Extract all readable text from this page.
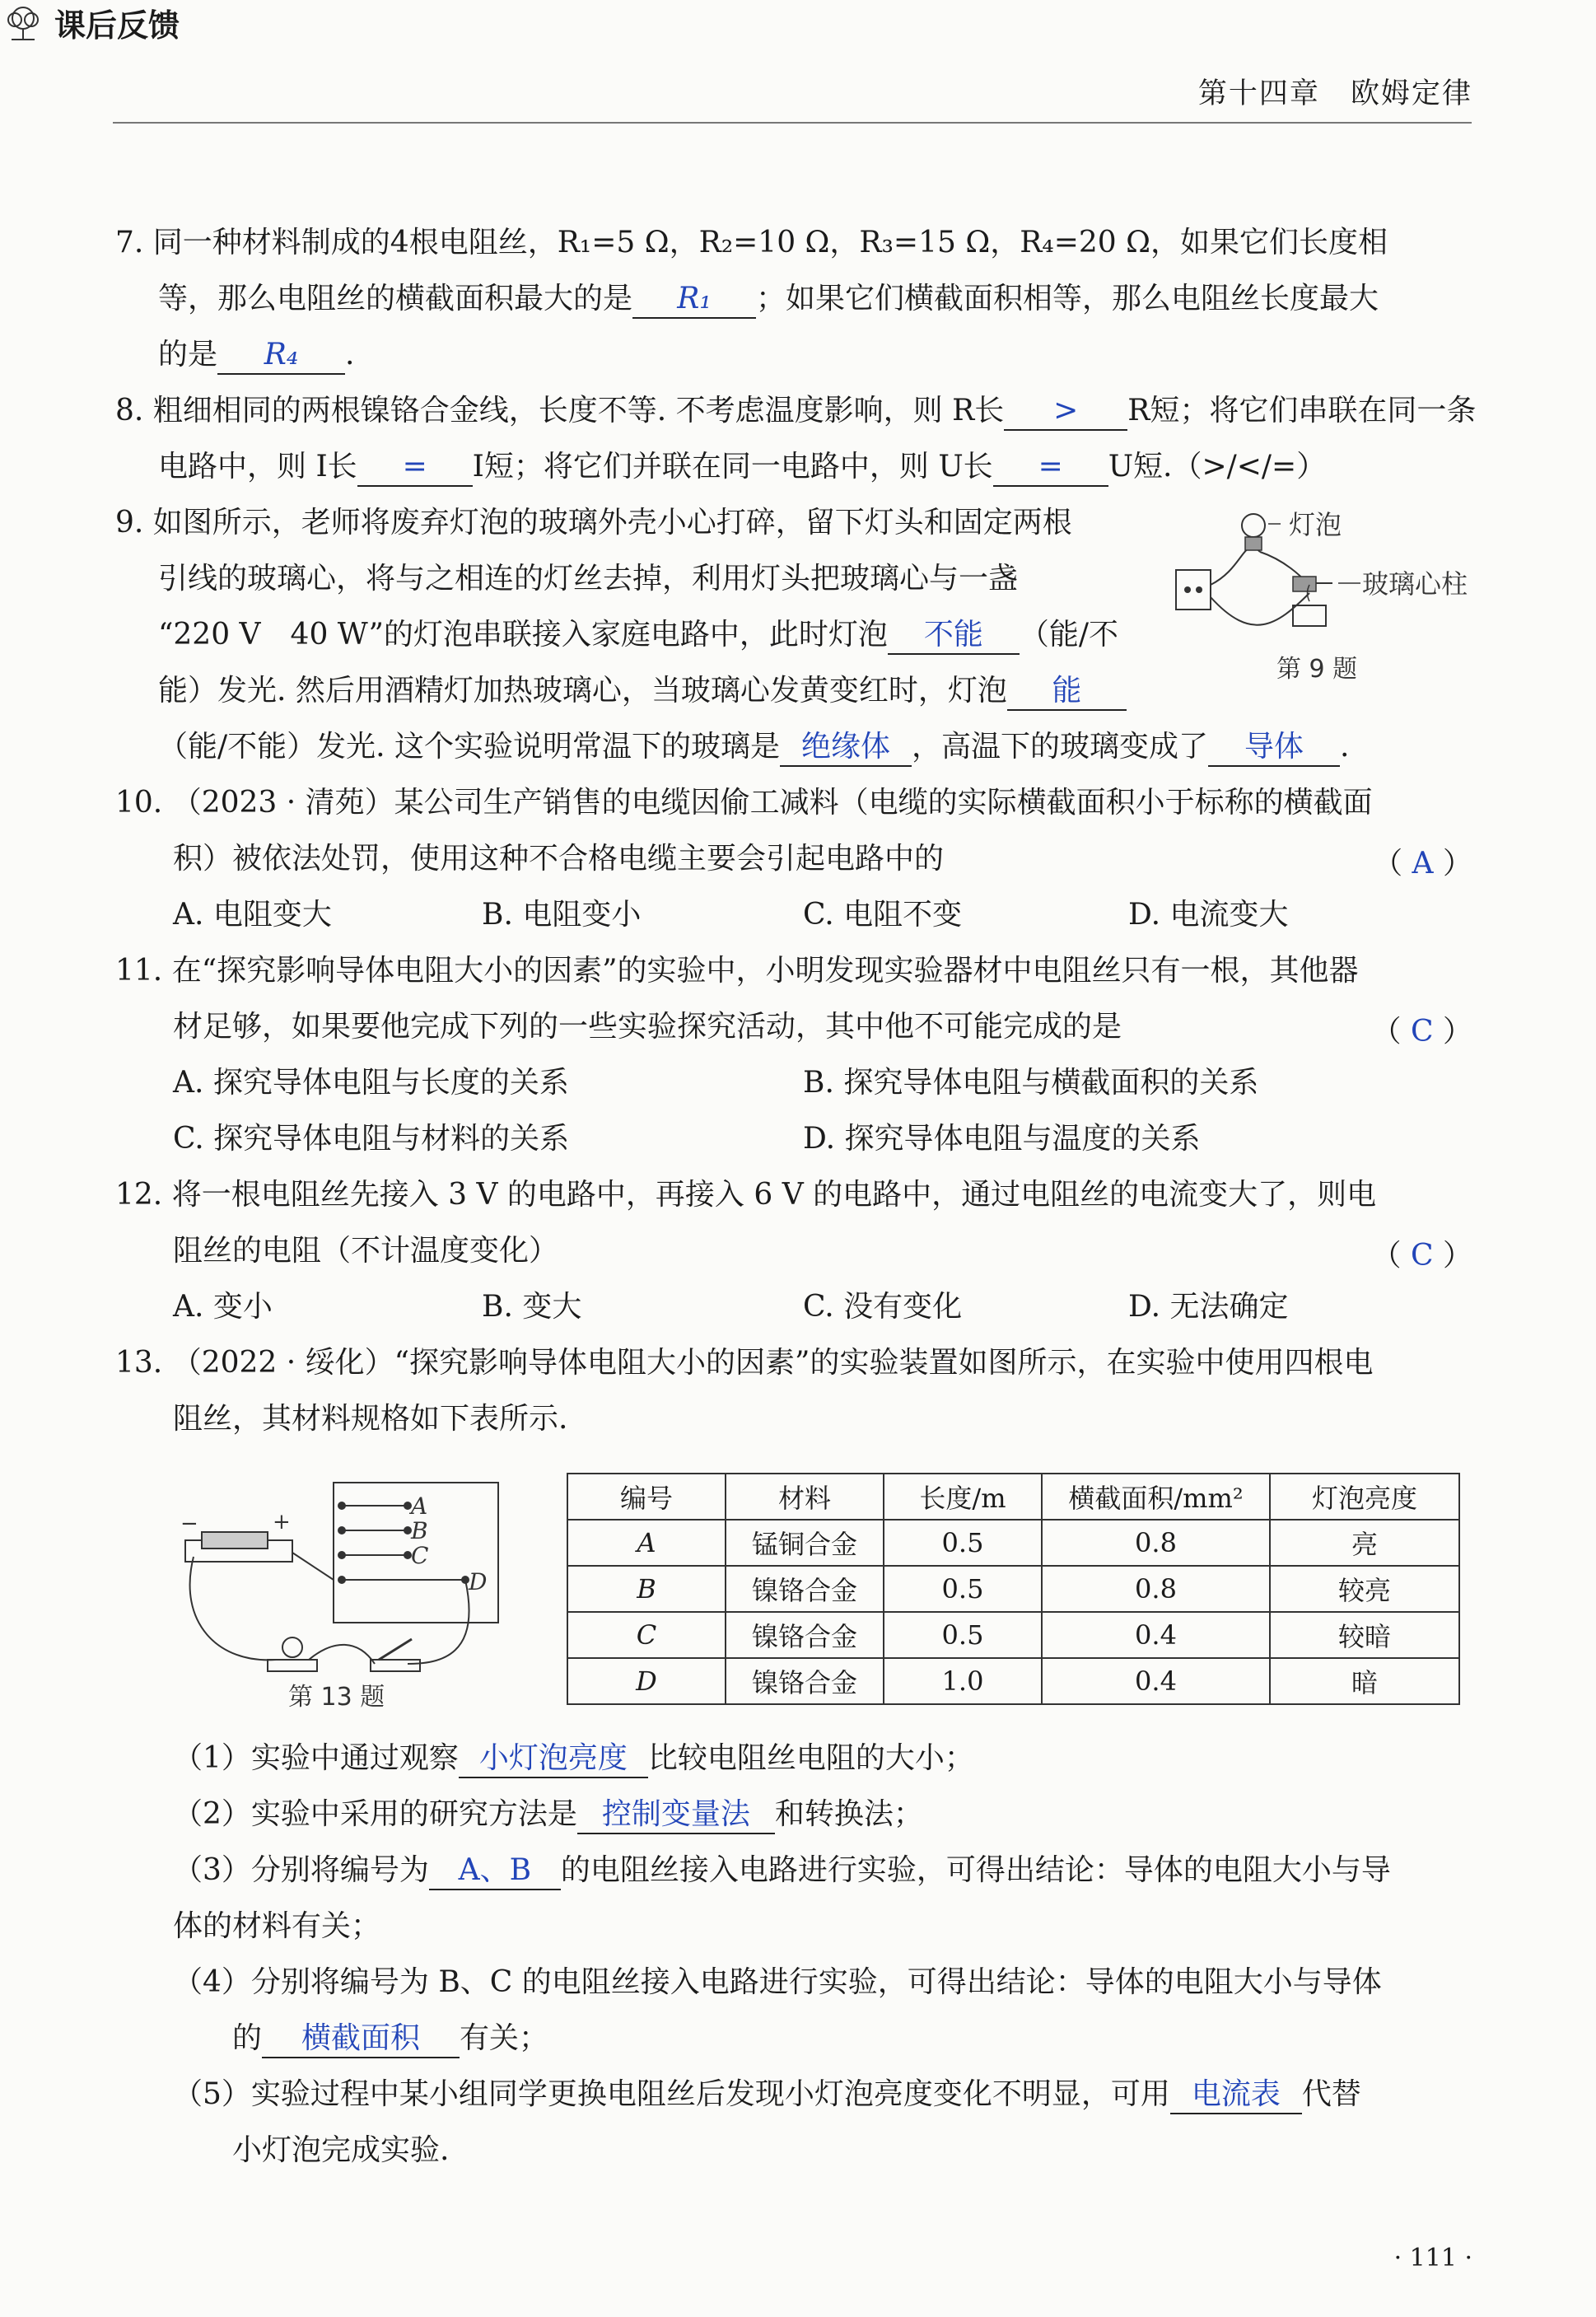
第十四章 欧姆定律
课后反馈
7. 同一种材料制成的4根电阻丝，R₁=5 Ω，R₂=10 Ω，R₃=15 Ω，R₄=20 Ω，如果它们长度相
等，那么电阻丝的横截面积最大的是 R₁ ；如果它们横截面积相等，那么电阻丝长度最大
的是 R₄ .
8. 粗细相同的两根镍铬合金线，长度不等. 不考虑温度影响，则 R长 > R短；将它们串联在同一条
电路中，则 I长 = I短；将它们并联在同一电路中，则 U长 = U短.（>/</=）
9. 如图所示，老师将废弃灯泡的玻璃外壳小心打碎，留下灯头和固定两根
引线的玻璃心，将与之相连的灯丝去掉，利用灯头把玻璃心与一盏
“220 V　40 W”的灯泡串联接入家庭电路中，此时灯泡 不能 （能/不
能）发光. 然后用酒精灯加热玻璃心，当玻璃心发黄变红时，灯泡 能
（能/不能）发光. 这个实验说明常温下的玻璃是 绝缘体 ，高温下的玻璃变成了 导体 .
灯泡
玻璃心柱
第 9 题
10. （2023 · 清苑）某公司生产销售的电缆因偷工减料（电缆的实际横截面积小于标称的横截面
积）被依法处罚，使用这种不合格电缆主要会引起电路中的	（ A ）
A. 电阻变大	B. 电阻变小	C. 电阻不变	D. 电流变大
11. 在“探究影响导体电阻大小的因素”的实验中，小明发现实验器材中电阻丝只有一根，其他器
材足够，如果要他完成下列的一些实验探究活动，其中他不可能完成的是	（ C ）
A. 探究导体电阻与长度的关系	B. 探究导体电阻与横截面积的关系
C. 探究导体电阻与材料的关系	D. 探究导体电阻与温度的关系
12. 将一根电阻丝先接入 3 V 的电路中，再接入 6 V 的电路中，通过电阻丝的电流变大了，则电
阻丝的电阻（不计温度变化）	（ C ）
A. 变小	B. 变大	C. 没有变化	D. 无法确定
13. （2022 · 绥化）“探究影响导体电阻大小的因素”的实验装置如图所示，在实验中使用四根电
阻丝，其材料规格如下表所示.
A
B
C
D
−	+
第 13 题
编号	材料	长度/m	横截面积/mm²	灯泡亮度
A	锰铜合金	0.5	0.8	亮
B	镍铬合金	0.5	0.8	较亮
C	镍铬合金	0.5	0.4	较暗
D	镍铬合金	1.0	0.4	暗
（1）实验中通过观察 小灯泡亮度 比较电阻丝电阻的大小；
（2）实验中采用的研究方法是 控制变量法 和转换法；
（3）分别将编号为 A、B 的电阻丝接入电路进行实验，可得出结论：导体的电阻大小与导
体的材料有关；
（4）分别将编号为 B、C 的电阻丝接入电路进行实验，可得出结论：导体的电阻大小与导体
的 横截面积 有关；
（5）实验过程中某小组同学更换电阻丝后发现小灯泡亮度变化不明显，可用 电流表 代替
小灯泡完成实验.
· 111 ·
